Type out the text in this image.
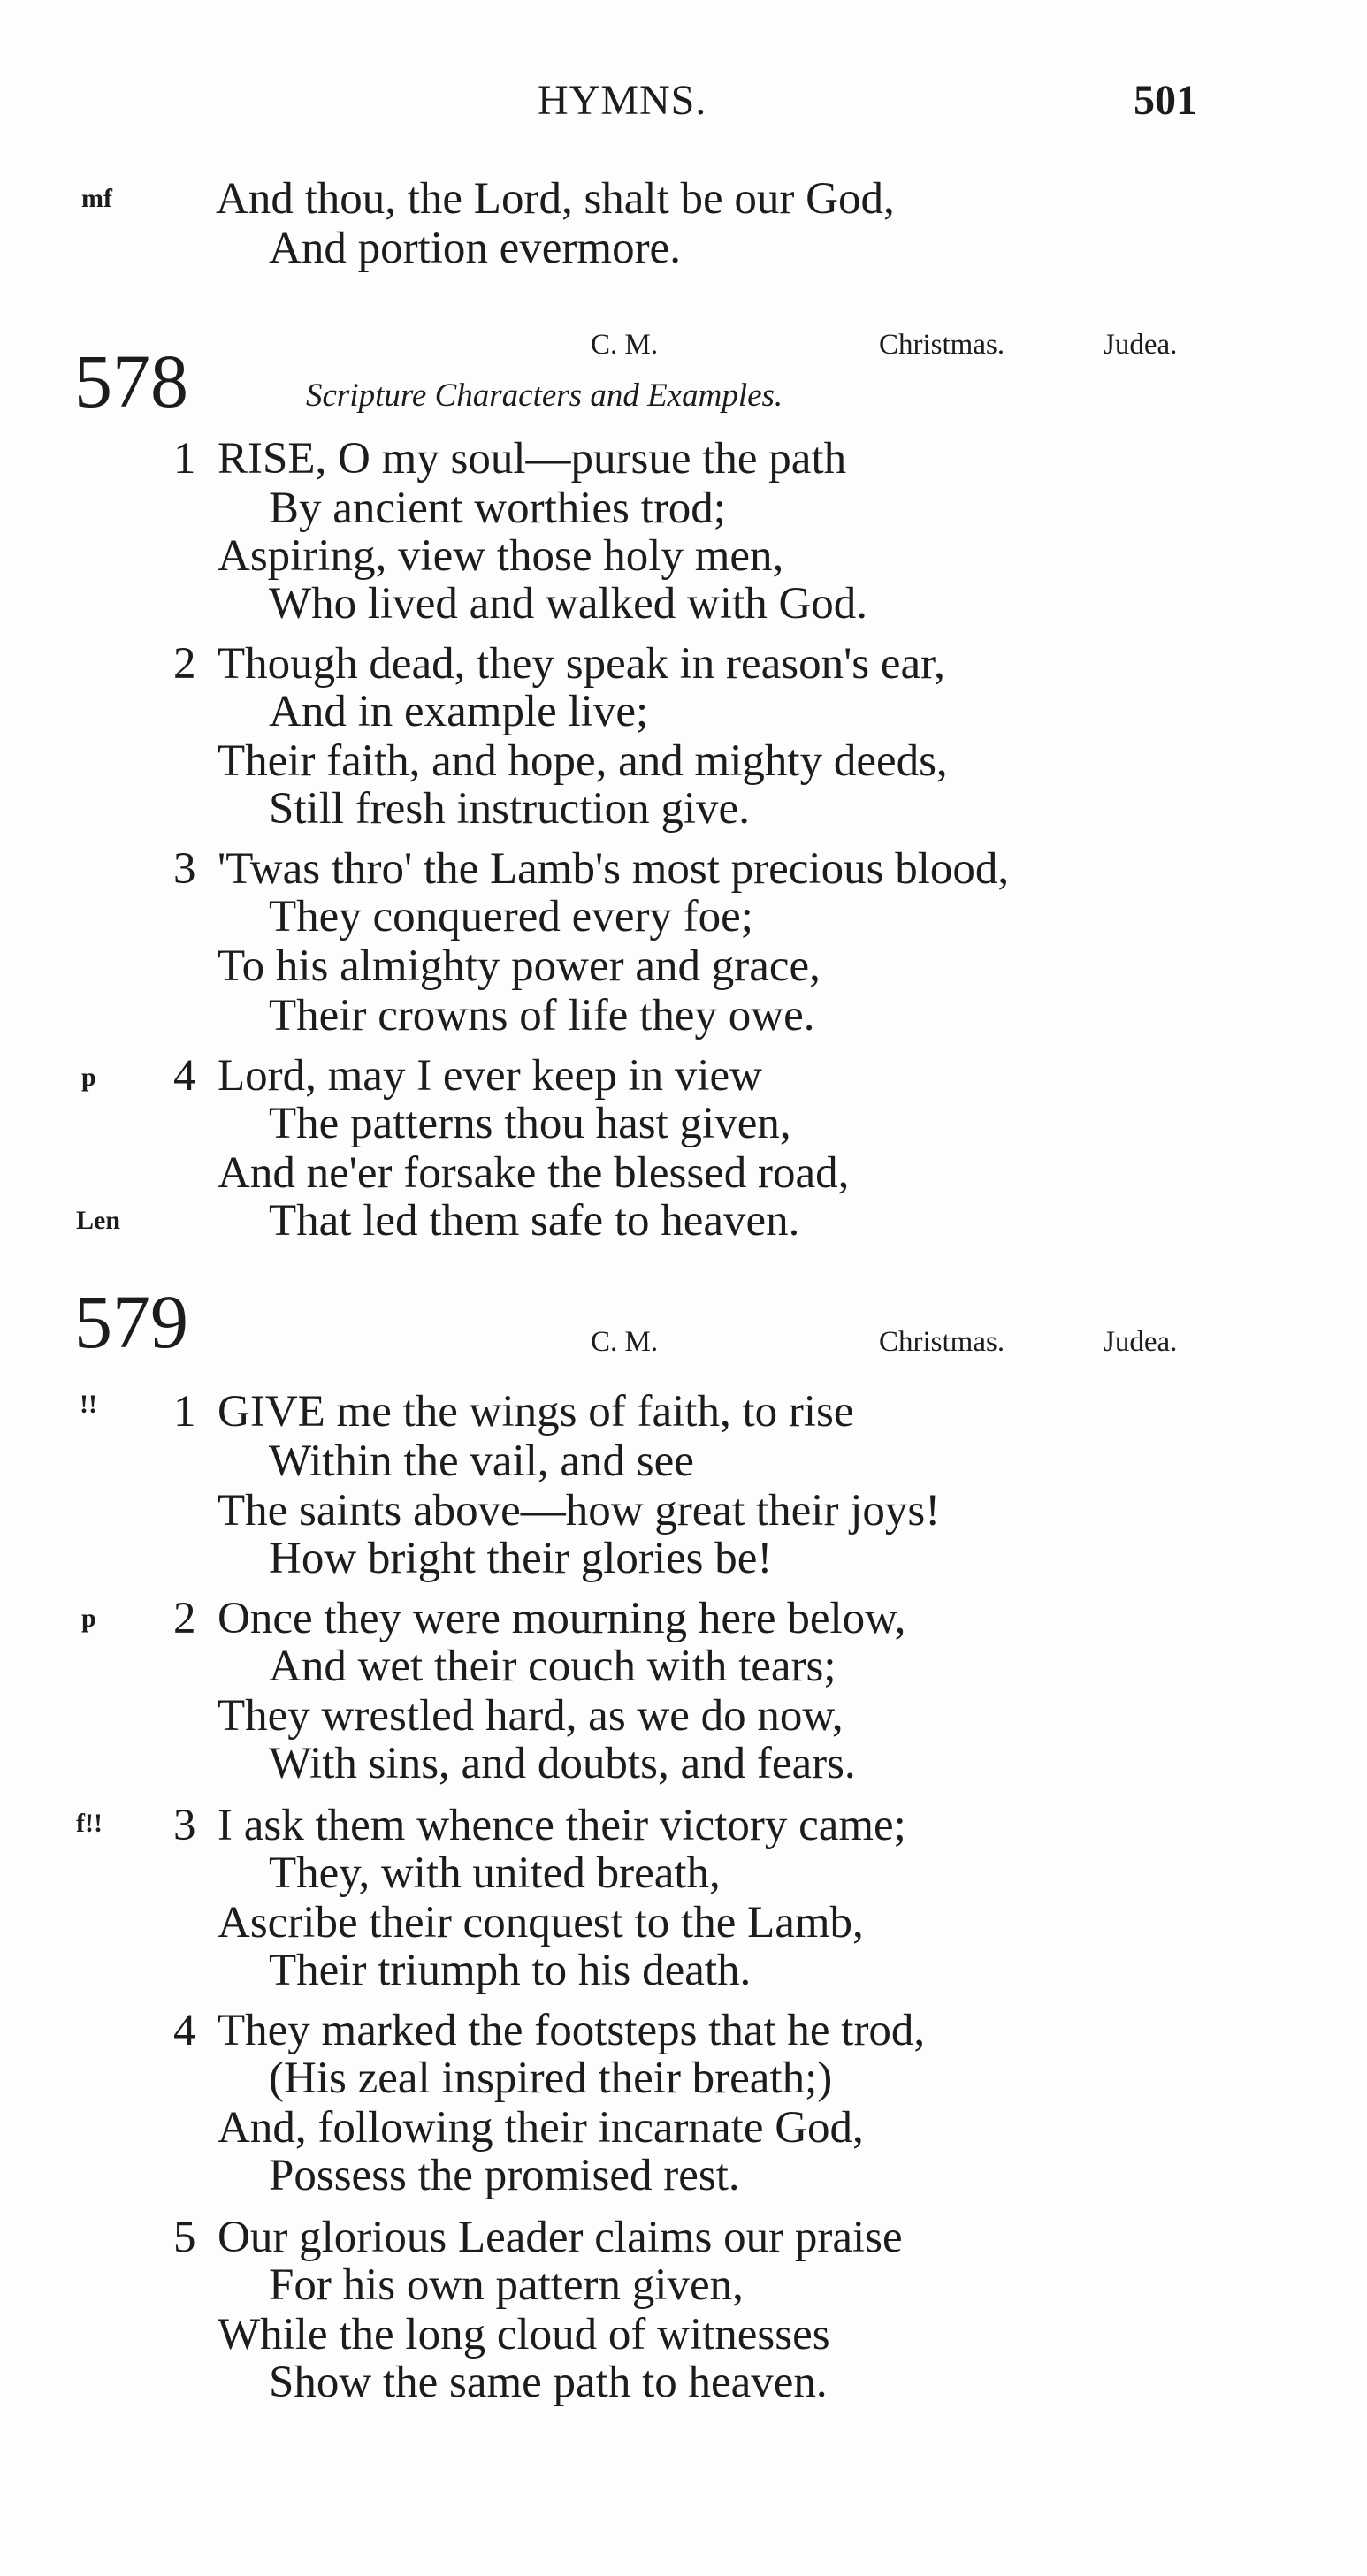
HYMNS.	501
mf And thou, the Lord, shalt be our God,
And portion evermore.
C. M.	Christmas.	Judea.
578	Scripture Characters and Examples.
1 RISE, O my soul—pursue the path
By ancient worthies trod;
Aspiring, view those holy men,
Who lived and walked with God.
2 Though dead, they speak in reason's ear,
And in example live;
Their faith, and hope, and mighty deeds,
Still fresh instruction give.
3 'Twas thro' the Lamb's most precious blood,
They conquered every foe;
To his almighty power and grace,
Their crowns of life they owe.
p 4 Lord, may I ever keep in view
The patterns thou hast given,
And ne'er forsake the blessed road,
Len	That led them safe to heaven.
579	C. M.	Christmas.	Judea.
!! 1 GIVE me the wings of faith, to rise
Within the vail, and see
The saints above—how great their joys!
How bright their glories be!
p 2 Once they were mourning here below,
And wet their couch with tears;
They wrestled hard, as we do now,
With sins, and doubts, and fears.
f!! 3 I ask them whence their victory came;
They, with united breath,
Ascribe their conquest to the Lamb,
Their triumph to his death.
4 They marked the footsteps that he trod,
(His zeal inspired their breath;)
And, following their incarnate God,
Possess the promised rest.
5 Our glorious Leader claims our praise
For his own pattern given,
While the long cloud of witnesses
Show the same path to heaven.
